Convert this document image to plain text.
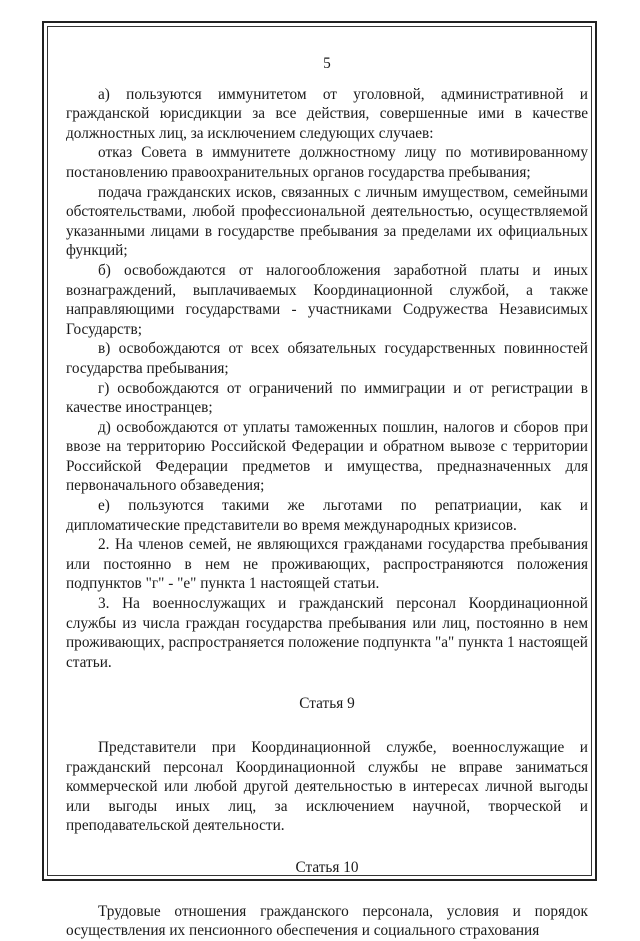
5

а) пользуются иммунитетом от уголовной, административной и гражданской юрисдикции за все действия, совершенные ими в качестве должностных лиц, за исключением следующих случаев:

отказ Совета в иммунитете должностному лицу по мотивированному постановлению правоохранительных органов государства пребывания;

подача гражданских исков, связанных с личным имуществом, семейными обстоятельствами, любой профессиональной деятельностью, осуществляемой указанными лицами в государстве пребывания за пределами их официальных функций;

б) освобождаются от налогообложения заработной платы и иных вознаграждений, выплачиваемых Координационной службой, а также направляющими государствами - участниками Содружества Независимых Государств;

в) освобождаются от всех обязательных государственных повинностей государства пребывания;

г) освобождаются от ограничений по иммиграции и от регистрации в качестве иностранцев;

д) освобождаются от уплаты таможенных пошлин, налогов и сборов при ввозе на территорию Российской Федерации и обратном вывозе с территории Российской Федерации предметов и имущества, предназначенных для первоначального обзаведения;

е) пользуются такими же льготами по репатриации, как и дипломатические представители во время международных кризисов.

2. На членов семей, не являющихся гражданами государства пребывания или постоянно в нем не проживающих, распространяются положения подпунктов "г" - "е" пункта 1 настоящей статьи.

3. На военнослужащих и гражданский персонал Координационной службы из числа граждан государства пребывания или лиц, постоянно в нем проживающих, распространяется положение подпункта "а" пункта 1 настоящей статьи.

Статья 9

Представители при Координационной службе, военнослужащие и гражданский персонал Координационной службы не вправе заниматься коммерческой или любой другой деятельностью в интересах личной выгоды или выгоды иных лиц, за исключением научной, творческой и преподавательской деятельности.

Статья 10

Трудовые отношения гражданского персонала, условия и порядок осуществления их пенсионного обеспечения и социального страхования
